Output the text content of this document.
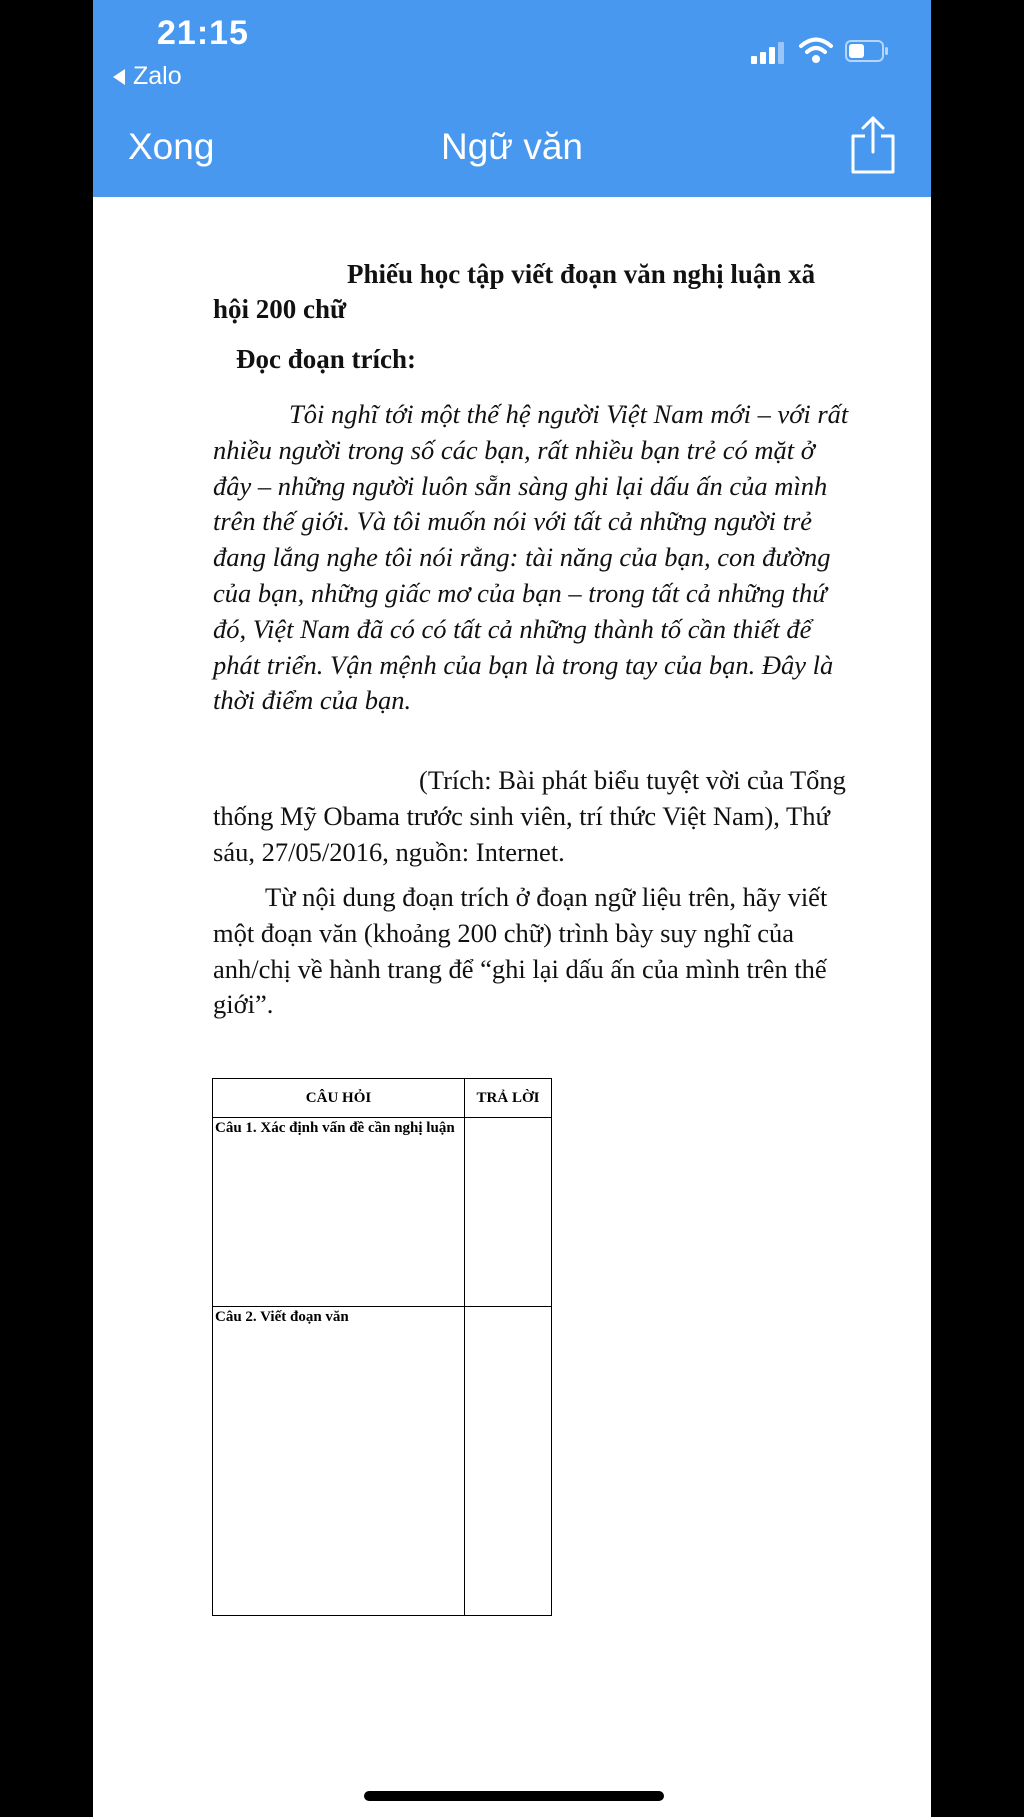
21:15
Zalo
Xong	Ngữ văn

Phiếu học tập viết đoạn văn nghị luận xã hội 200 chữ

Đọc đoạn trích:

Tôi nghĩ tới một thế hệ người Việt Nam mới – với rất nhiều người trong số các bạn, rất nhiều bạn trẻ có mặt ở đây – những người luôn sẵn sàng ghi lại dấu ấn của mình trên thế giới. Và tôi muốn nói với tất cả những người trẻ đang lắng nghe tôi nói rằng: tài năng của bạn, con đường của bạn, những giấc mơ của bạn – trong tất cả những thứ đó, Việt Nam đã có có tất cả những thành tố cần thiết để phát triển. Vận mệnh của bạn là trong tay của bạn. Đây là thời điểm của bạn.

(Trích: Bài phát biểu tuyệt vời của Tổng thống Mỹ Obama trước sinh viên, trí thức Việt Nam), Thứ sáu, 27/05/2016, nguồn: Internet.

Từ nội dung đoạn trích ở đoạn ngữ liệu trên, hãy viết một đoạn văn (khoảng 200 chữ) trình bày suy nghĩ của anh/chị về hành trang để “ghi lại dấu ấn của mình trên thế giới”.

CÂU HỎI	TRẢ LỜI
Câu 1. Xác định vấn đề cần nghị luận	
Câu 2. Viết đoạn văn	
